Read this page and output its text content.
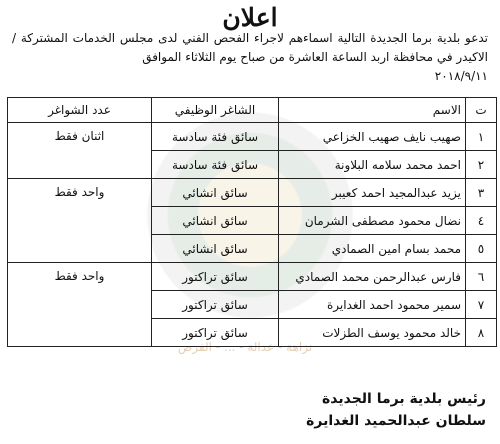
نزاهة - عدالة - ... - الفرص
اعلان
تدعو بلدية برما الجديدة التالية اسماءهم لاجراء الفحص الفني لدى مجلس الخدمات المشتركة / الاكيدر في محافظة اربد الساعة العاشرة من صباح يوم الثلاثاء الموافق
٢٠١٨/٩/١١
ت	الاسم	الشاغر الوظيفي	عدد الشواغر
١	صهيب نايف صهيب الخزاعي	سائق فئة سادسة	اثنان فقط
٢	احمد محمد سلامه البلاونة	سائق فئة سادسة	
٣	يزيد عبدالمجيد احمد كعيبر	سائق انشائي	واحد فقط
٤	نضال محمود مصطفى الشرمان	سائق انشائي	
٥	محمد بسام امين الصمادي	سائق انشائي	
٦	فارس عبدالرحمن محمد الصمادي	سائق تراكتور	واحد فقط
٧	سمير محمود احمد الغدايرة	سائق تراكتور	
٨	خالد محمود يوسف الطزلات	سائق تراكتور	
رئيس بلدية برما الجديدة
سلطان عبدالحميد الغدايرة
